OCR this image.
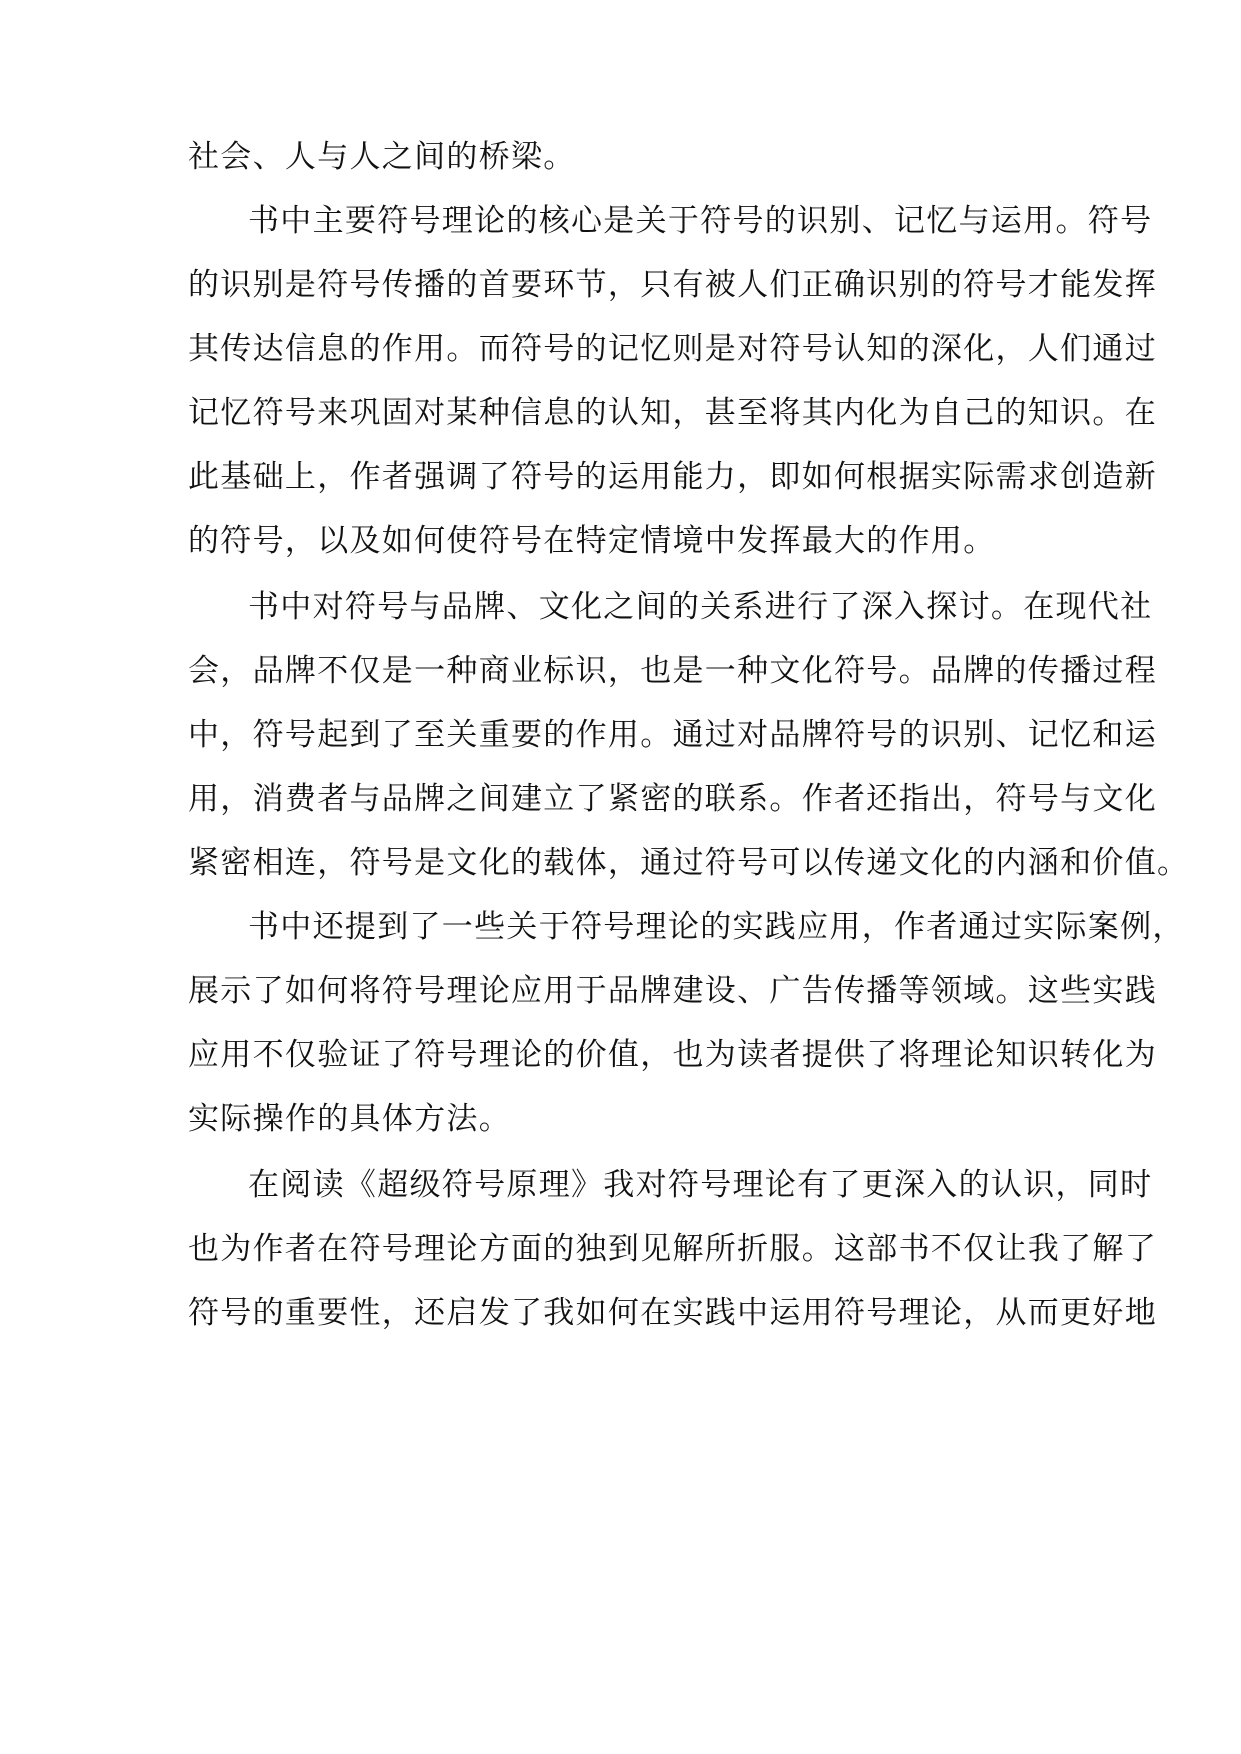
社会、人与人之间的桥梁。
书中主要符号理论的核心是关于符号的识别、记忆与运用。符号
的识别是符号传播的首要环节，只有被人们正确识别的符号才能发挥
其传达信息的作用。而符号的记忆则是对符号认知的深化，人们通过
记忆符号来巩固对某种信息的认知，甚至将其内化为自己的知识。在
此基础上，作者强调了符号的运用能力，即如何根据实际需求创造新
的符号，以及如何使符号在特定情境中发挥最大的作用。
书中对符号与品牌、文化之间的关系进行了深入探讨。在现代社
会，品牌不仅是一种商业标识，也是一种文化符号。品牌的传播过程
中，符号起到了至关重要的作用。通过对品牌符号的识别、记忆和运
用，消费者与品牌之间建立了紧密的联系。作者还指出，符号与文化
紧密相连，符号是文化的载体，通过符号可以传递文化的内涵和价值。
书中还提到了一些关于符号理论的实践应用，作者通过实际案例，
展示了如何将符号理论应用于品牌建设、广告传播等领域。这些实践
应用不仅验证了符号理论的价值，也为读者提供了将理论知识转化为
实际操作的具体方法。
在阅读《超级符号原理》我对符号理论有了更深入的认识，同时
也为作者在符号理论方面的独到见解所折服。这部书不仅让我了解了
符号的重要性，还启发了我如何在实践中运用符号理论，从而更好地
